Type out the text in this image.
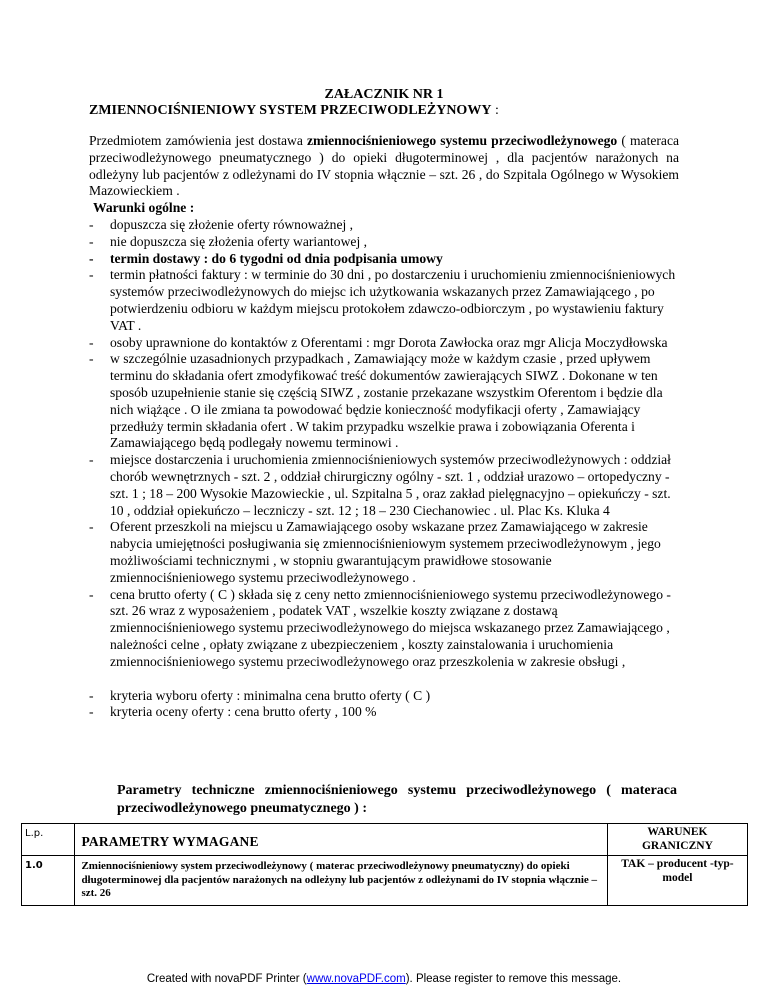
ZAŁACZNIK NR 1
ZMIENNOCIŚNIENIOWY SYSTEM PRZECIWODLEŻYNOWY :
Przedmiotem zamówienia jest dostawa zmiennociśnieniowego systemu przeciwodleżynowego ( materaca przeciwodleżynowego pneumatycznego ) do opieki długoterminowej , dla pacjentów narażonych na odleżyny lub pacjentów z odleżynami do IV stopnia włącznie – szt. 26 , do Szpitala Ogólnego w Wysokiem Mazowieckiem .
Warunki ogólne :
- dopuszcza się złożenie oferty równoważnej ,
- nie dopuszcza się złożenia oferty wariantowej ,
- termin dostawy : do 6 tygodni od dnia podpisania umowy
- termin płatności faktury : w terminie do 30 dni , po dostarczeniu i uruchomieniu zmiennociśnieniowych systemów przeciwodleżynowych do miejsc ich użytkowania wskazanych przez Zamawiającego , po potwierdzeniu odbioru w każdym miejscu protokołem zdawczo-odbiorczym , po wystawieniu faktury VAT .
- osoby uprawnione do kontaktów z Oferentami : mgr Dorota Zawłocka oraz mgr Alicja Moczydłowska
- w szczególnie uzasadnionych przypadkach , Zamawiający może w każdym czasie , przed upływem terminu do składania ofert zmodyfikować treść dokumentów zawierających SIWZ . Dokonane w ten sposób uzupełnienie stanie się częścią SIWZ , zostanie przekazane wszystkim Oferentom i będzie dla nich wiążące . O ile zmiana ta powodować będzie konieczność modyfikacji oferty , Zamawiający przedłuży termin składania ofert . W takim przypadku wszelkie prawa i zobowiązania Oferenta i Zamawiającego będą podlegały nowemu terminowi .
- miejsce dostarczenia i uruchomienia zmiennociśnieniowych systemów przeciwodleżynowych : oddział chorób wewnętrznych - szt. 2 , oddział chirurgiczny ogólny - szt. 1 , oddział urazowo – ortopedyczny - szt. 1 ; 18 – 200 Wysokie Mazowieckie , ul. Szpitalna 5 , oraz zakład pielęgnacyjno – opiekuńczy - szt. 10 , oddział opiekuńczo – leczniczy - szt. 12 ; 18 – 230 Ciechanowiec . ul. Plac Ks. Kluka 4
- Oferent przeszkoli na miejscu u Zamawiającego osoby wskazane przez Zamawiającego w zakresie nabycia umiejętności posługiwania się zmiennociśnieniowym systemem przeciwodleżynowym , jego możliwościami technicznymi , w stopniu gwarantującym prawidłowe stosowanie zmiennociśnieniowego systemu przeciwodleżynowego .
- cena brutto oferty ( C ) składa się z ceny netto zmiennociśnieniowego systemu przeciwodleżynowego - szt. 26 wraz z wyposażeniem , podatek VAT , wszelkie koszty związane z dostawą zmiennociśnieniowego systemu przeciwodleżynowego do miejsca wskazanego przez Zamawiającego , należności celne , opłaty związane z ubezpieczeniem , koszty zainstalowania i uruchomienia zmiennociśnieniowego systemu przeciwodleżynowego oraz przeszkolenia w zakresie obsługi ,
- kryteria wyboru oferty : minimalna cena brutto oferty ( C )
- kryteria oceny oferty : cena brutto oferty , 100 %
Parametry techniczne zmiennociśnieniowego systemu przeciwodleżynowego ( materaca przeciwodleżynowego pneumatycznego ) :
L.p.	PARAMETRY WYMAGANE	WARUNEK GRANICZNY
1.0	Zmiennociśnieniowy system przeciwodleżynowy ( materac przeciwodleżynowy pneumatyczny) do opieki długoterminowej dla pacjentów narażonych na odleżyny lub pacjentów z odleżynami do IV stopnia włącznie – szt. 26	TAK – producent -typ- model
Created with novaPDF Printer (www.novaPDF.com). Please register to remove this message.
